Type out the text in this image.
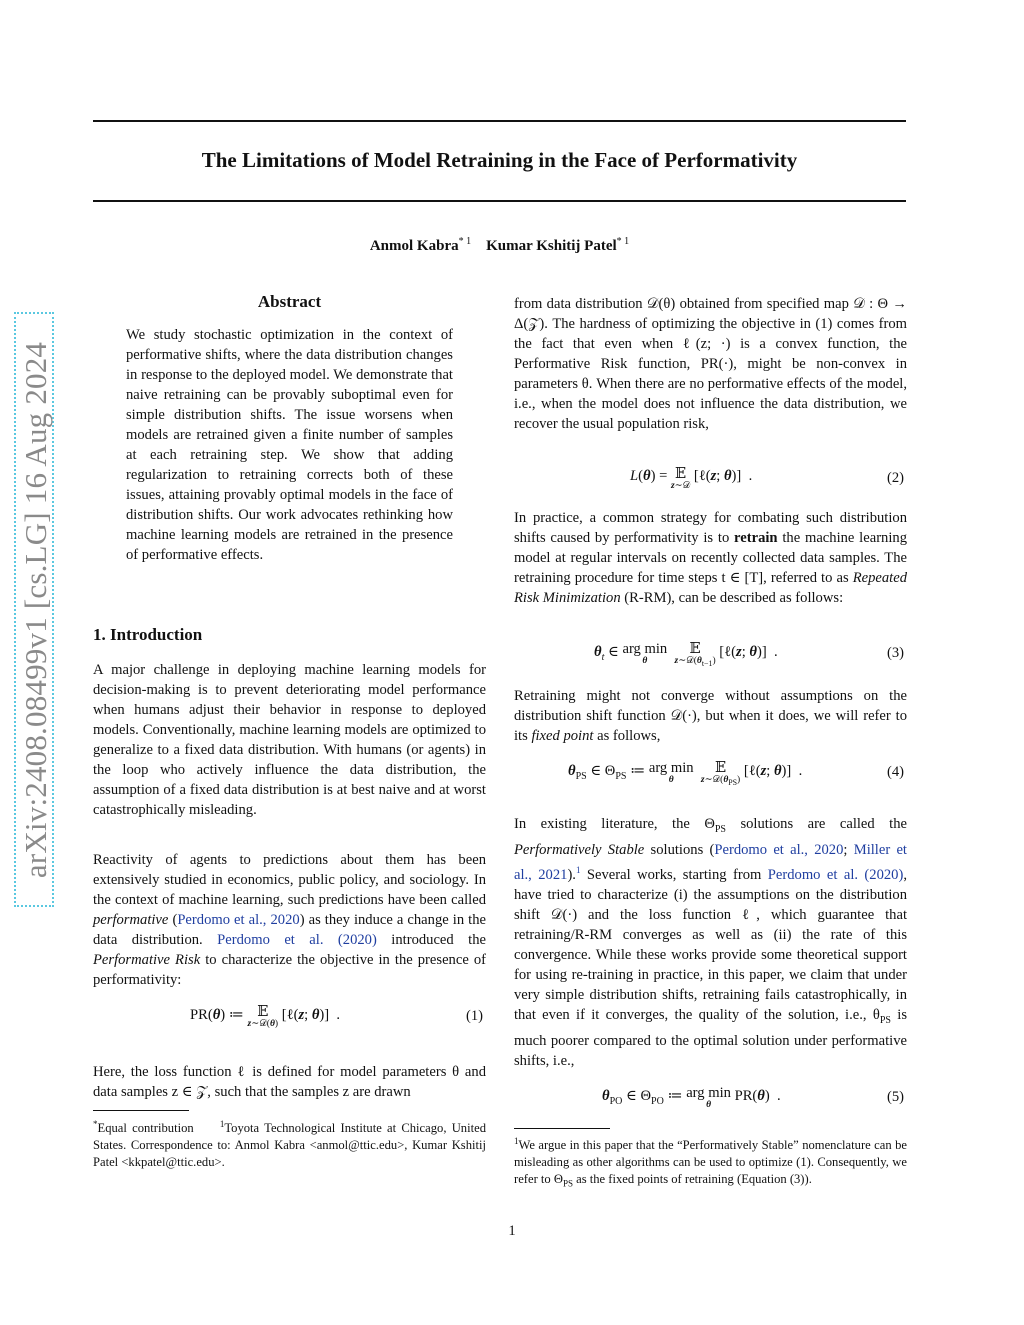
The Limitations of Model Retraining in the Face of Performativity
Anmol Kabra$^{* 1}$ Kumar Kshitij Patel$^{* 1}$
arXiv:2408.08499v1 [cs.LG] 16 Aug 2024
Abstract
We study stochastic optimization in the context of performative shifts, where the data distribution changes in response to the deployed model. We demonstrate that naive retraining can be provably suboptimal even for simple distribution shifts. The issue worsens when models are retrained given a finite number of samples at each retraining step. We show that adding regularization to retraining corrects both of these issues, attaining provably optimal models in the face of distribution shifts. Our work advocates rethinking how machine learning models are retrained in the presence of performative effects.
1. Introduction

A major challenge in deploying machine learning models for decision-making is to prevent deteriorating model performance when humans adjust their behavior in response to deployed models. Conventionally, machine learning models are optimized to generalize to a fixed data distribution. With humans (or agents) in the loop who actively influence the data distribution, the assumption of a fixed data distribution is at best naive and at worst catastrophically misleading.

Reactivity of agents to predictions about them has been extensively studied in economics, public policy, and sociology. In the context of machine learning, such predictions have been called performative (Perdomo et al., 2020) as they induce a change in the data distribution. Perdomo et al. (2020) introduced the Performative Risk to characterize the objective in the presence of performativity:

PR(θ) ≔ 𝔼
z∼𝒟(θ)
[ℓ(z; θ)]  .	(1)

Here, the loss function ℓ is defined for model parameters θ and data samples z ∈ 𝒵, such that the samples z are drawn

*Equal contribution	$^1$Toyota Technological Institute at Chicago, United States. Correspondence to: Anmol Kabra <anmol@ttic.edu>, Kumar Kshitij Patel <kkpatel@ttic.edu>.

from data distribution 𝒟(θ) obtained from specified map 𝒟 : Θ → Δ(𝒵). The hardness of optimizing the objective in (1) comes from the fact that even when ℓ(z; ·) is a convex function, the Performative Risk function, PR(·), might be non-convex in parameters θ. When there are no performative effects of the model, i.e., when the model does not influence the data distribution, we recover the usual population risk,

L(θ) = 𝔼
z∼𝒟
[ℓ(z; θ)]  .	(2)

In practice, a common strategy for combating such distribution shifts caused by performativity is to retrain the machine learning model at regular intervals on recently collected data samples. The retraining procedure for time steps t ∈ [T], referred to as Repeated Risk Minimization (R-RM), can be described as follows:

$\theta_t$ ∈ arg min
θ
𝔼
$z\sim 𝒟(\theta_{t-1})$
[ℓ(z; θ)]  .	(3)

Retraining might not converge without assumptions on the distribution shift function 𝒟(·), but when it does, we will refer to its fixed point as follows,

$\theta_{PS}$ ∈ $\Theta_{PS}$ ≔ arg min
θ
𝔼
$z\sim 𝒟(\theta_{PS})$
[ℓ(z; θ)]  .	(4)

In existing literature, the $\Theta_{PS}$ solutions are called the Performatively Stable solutions (Perdomo et al., 2020; Miller et al., 2021).$^1$ Several works, starting from Perdomo et al. (2020), have tried to characterize (i) the assumptions on the distribution shift 𝒟(·) and the loss function ℓ, which guarantee that retraining/R-RM converges as well as (ii) the rate of this convergence. While these works provide some theoretical support for using re-training in practice, in this paper, we claim that under very simple distribution shifts, retraining fails catastrophically, in that even if it converges, the quality of the solution, i.e., $\theta_{PS}$ is much poorer compared to the optimal solution under performative shifts, i.e.,

$\theta_{PO}$ ∈ $\Theta_{PO}$ ≔ arg min
θ
PR(θ)  .	(5)
$^1$We argue in this paper that the “Performatively Stable” nomenclature can be misleading as other algorithms can be used to optimize (1). Consequently, we refer to $\Theta_{PS}$ as the fixed points of retraining (Equation (3)).
1
